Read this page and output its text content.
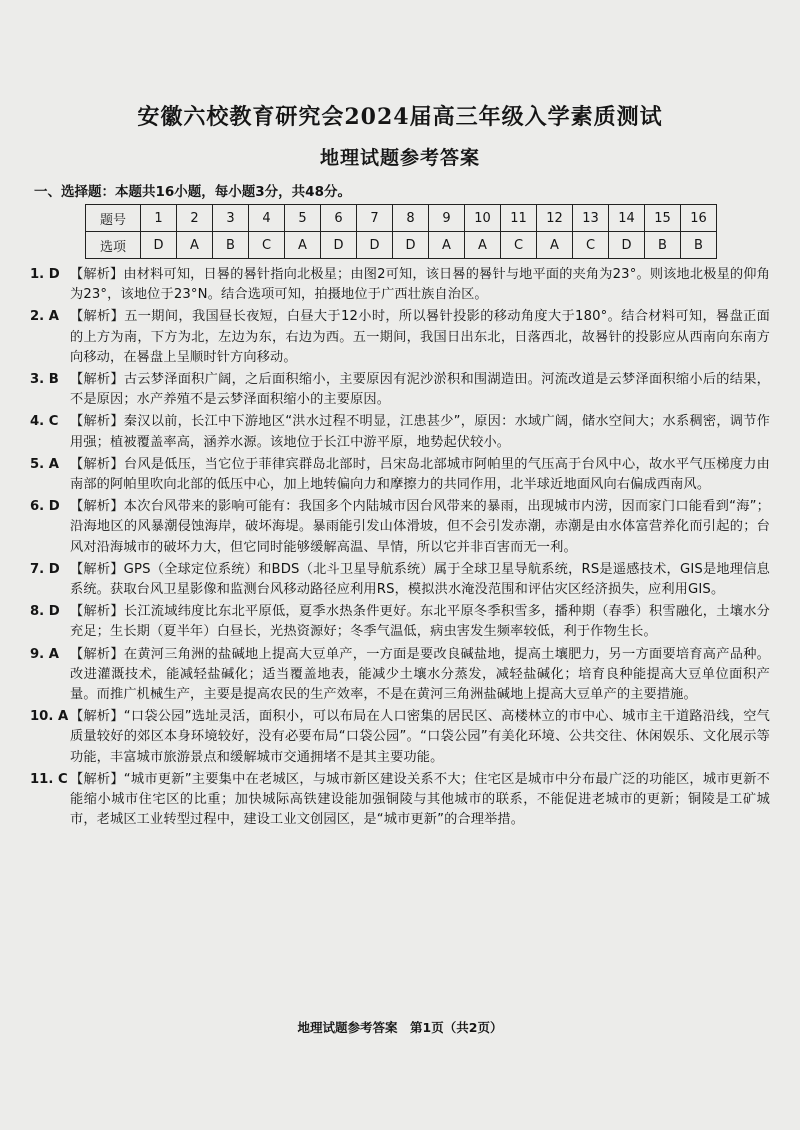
安徽六校教育研究会2024届高三年级入学素质测试
地理试题参考答案
一、选择题：本题共16小题，每小题3分，共48分。
题号	1	2	3	4	5	6	7	8	9	10	11	12	13	14	15	16
选项	D	A	B	C	A	D	D	D	A	A	C	A	C	D	B	B
1. D 【解析】由材料可知，日晷的晷针指向北极星；由图2可知，该日晷的晷针与地平面的夹角为23°。则该地北极星的仰角为23°，该地位于23°N。结合选项可知，拍摄地位于广西壮族自治区。
2. A 【解析】五一期间，我国昼长夜短，白昼大于12小时，所以晷针投影的移动角度大于180°。结合材料可知，晷盘正面的上方为南，下方为北，左边为东，右边为西。五一期间，我国日出东北，日落西北，故晷针的投影应从西南向东南方向移动，在晷盘上呈顺时针方向移动。
3. B 【解析】古云梦泽面积广阔，之后面积缩小，主要原因有泥沙淤积和围湖造田。河流改道是云梦泽面积缩小后的结果，不是原因；水产养殖不是云梦泽面积缩小的主要原因。
4. C 【解析】秦汉以前，长江中下游地区“洪水过程不明显，江患甚少”，原因：水域广阔，储水空间大；水系稠密，调节作用强；植被覆盖率高，涵养水源。该地位于长江中游平原，地势起伏较小。
5. A 【解析】台风是低压，当它位于菲律宾群岛北部时，吕宋岛北部城市阿帕里的气压高于台风中心，故水平气压梯度力由南部的阿帕里吹向北部的低压中心，加上地转偏向力和摩擦力的共同作用，北半球近地面风向右偏成西南风。
6. D 【解析】本次台风带来的影响可能有：我国多个内陆城市因台风带来的暴雨，出现城市内涝，因而家门口能看到“海”；沿海地区的风暴潮侵蚀海岸，破坏海堤。暴雨能引发山体滑坡，但不会引发赤潮，赤潮是由水体富营养化而引起的；台风对沿海城市的破坏力大，但它同时能够缓解高温、旱情，所以它并非百害而无一利。
7. D 【解析】GPS（全球定位系统）和BDS（北斗卫星导航系统）属于全球卫星导航系统，RS是遥感技术，GIS是地理信息系统。获取台风卫星影像和监测台风移动路径应利用RS，模拟洪水淹没范围和评估灾区经济损失，应利用GIS。
8. D 【解析】长江流域纬度比东北平原低，夏季水热条件更好。东北平原冬季积雪多，播种期（春季）积雪融化，土壤水分充足；生长期（夏半年）白昼长，光热资源好；冬季气温低，病虫害发生频率较低，利于作物生长。
9. A 【解析】在黄河三角洲的盐碱地上提高大豆单产，一方面是要改良碱盐地，提高土壤肥力，另一方面要培育高产品种。改进灌溉技术，能减轻盐碱化；适当覆盖地表，能减少土壤水分蒸发，减轻盐碱化；培育良种能提高大豆单位面积产量。而推广机械生产，主要是提高农民的生产效率，不是在黄河三角洲盐碱地上提高大豆单产的主要措施。
10. A 【解析】“口袋公园”选址灵活，面积小，可以布局在人口密集的居民区、高楼林立的市中心、城市主干道路沿线，空气质量较好的郊区本身环境较好，没有必要布局“口袋公园”。“口袋公园”有美化环境、公共交往、休闲娱乐、文化展示等功能，丰富城市旅游景点和缓解城市交通拥堵不是其主要功能。
11. C 【解析】“城市更新”主要集中在老城区，与城市新区建设关系不大；住宅区是城市中分布最广泛的功能区，城市更新不能缩小城市住宅区的比重；加快城际高铁建设能加强铜陵与其他城市的联系，不能促进老城市的更新；铜陵是工矿城市，老城区工业转型过程中，建设工业文创园区，是“城市更新”的合理举措。
地理试题参考答案　第1页（共2页）
